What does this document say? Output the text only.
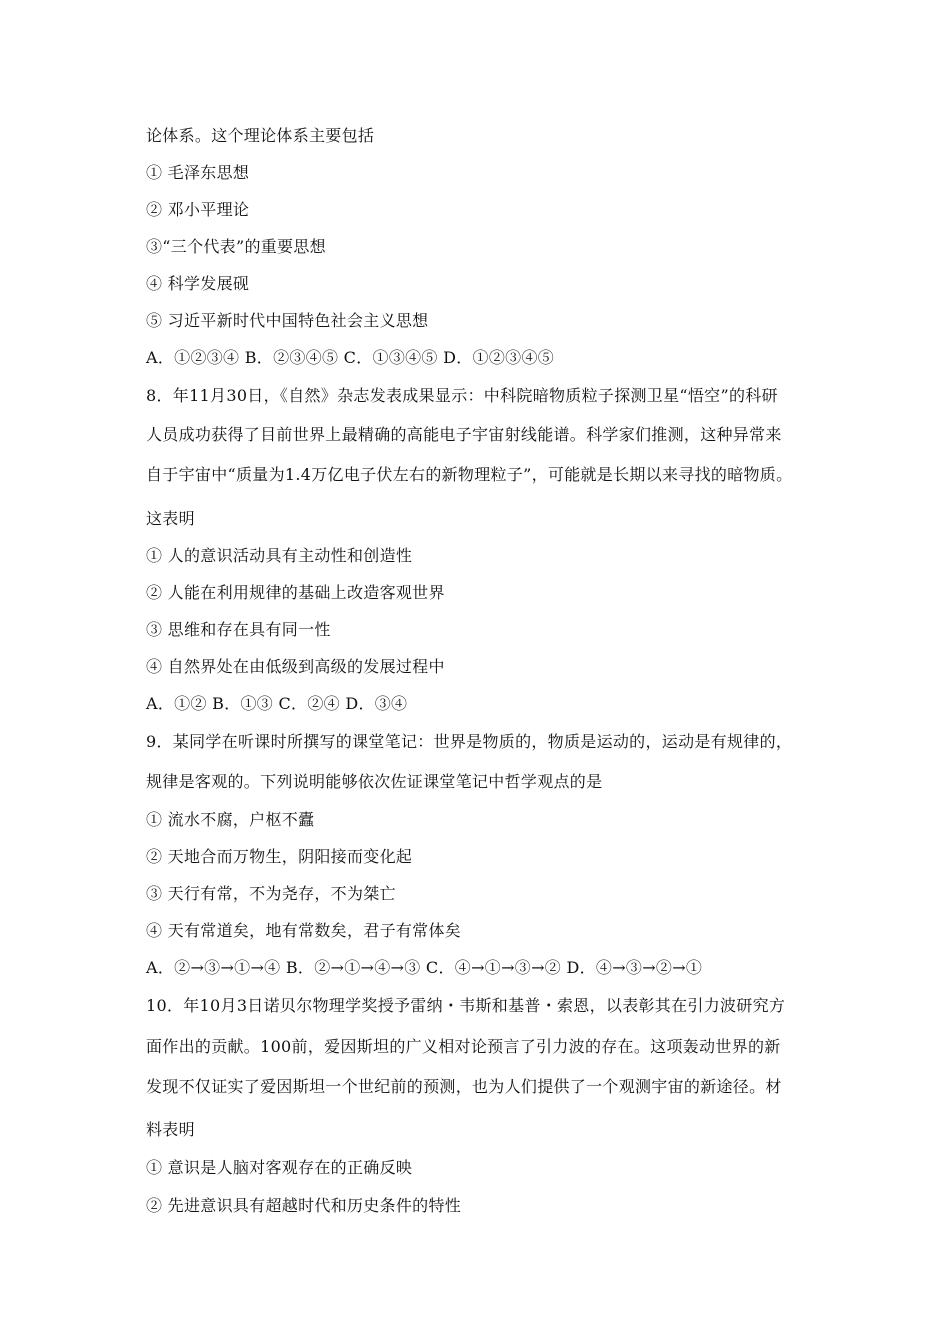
论体系。这个理论体系主要包括
① 毛泽东思想
② 邓小平理论
③“三个代表”的重要思想
④ 科学发展砚
⑤ 习近平新时代中国特色社会主义思想
A．①②③④ B．②③④⑤ C．①③④⑤ D．①②③④⑤
8．年11月30日，《自然》杂志发表成果显示：中科院暗物质粒子探测卫星“悟空”的科研
人员成功获得了目前世界上最精确的高能电子宇宙射线能谱。科学家们推测，这种异常来
自于宇宙中“质量为1.4万亿电子伏左右的新物理粒子”，可能就是长期以来寻找的暗物质。
这表明
① 人的意识活动具有主动性和创造性
② 人能在利用规律的基础上改造客观世界
③ 思维和存在具有同一性
④ 自然界处在由低级到高级的发展过程中
A．①② B．①③ C．②④ D．③④
9．某同学在听课时所撰写的课堂笔记：世界是物质的，物质是运动的，运动是有规律的，
规律是客观的。下列说明能够依次佐证课堂笔记中哲学观点的是
① 流水不腐，户枢不蠹
② 天地合而万物生，阴阳接而变化起
③ 天行有常，不为尧存，不为桀亡
④ 天有常道矣，地有常数矣，君子有常体矣
A．②→③→①→④ B．②→①→④→③ C．④→①→③→② D．④→③→②→①
10．年10月3日诺贝尔物理学奖授予雷纳・韦斯和基普・索恩，以表彰其在引力波研究方
面作出的贡献。100前，爱因斯坦的广义相对论预言了引力波的存在。这项轰动世界的新
发现不仅证实了爱因斯坦一个世纪前的预测，也为人们提供了一个观测宇宙的新途径。材
料表明
① 意识是人脑对客观存在的正确反映
② 先进意识具有超越时代和历史条件的特性
